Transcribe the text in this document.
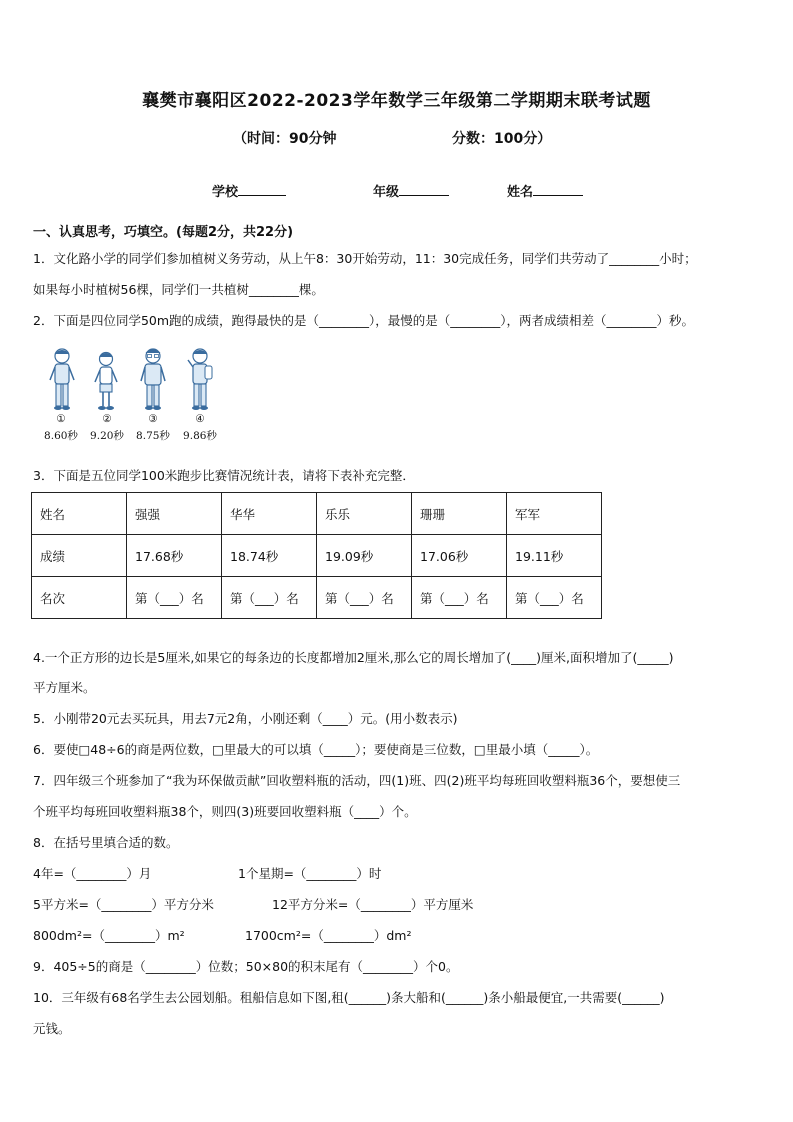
襄樊市襄阳区2022-2023学年数学三年级第二学期期末联考试题
（时间：90分钟	分数：100分）
学校	年级	姓名
一、认真思考，巧填空。(每题2分，共22分)
1．文化路小学的同学们参加植树义务劳动，从上午8：30开始劳动，11：30完成任务，同学们共劳动了________小时；
如果每小时植树56棵，同学们一共植树________棵。
2．下面是四位同学50m跑的成绩，跑得最快的是（________），最慢的是（________），两者成绩相差（________）秒。
①	②	③	④
8.60秒	9.20秒	8.75秒	9.86秒
3．下面是五位同学100米跑步比赛情况统计表，请将下表补充完整．
姓名	强强	华华	乐乐	珊珊	军军
成绩	17.68秒	18.74秒	19.09秒	17.06秒	19.11秒
名次	第（___）名	第（___）名	第（___）名	第（___）名	第（___）名
4.一个正方形的边长是5厘米,如果它的每条边的长度都增加2厘米,那么它的周长增加了(____)厘米,面积增加了(_____)
平方厘米。
5．小刚带20元去买玩具，用去7元2角，小刚还剩（____）元。(用小数表示)
6．要使□48÷6的商是两位数，□里最大的可以填（_____）；要使商是三位数，□里最小填（_____）。
7．四年级三个班参加了“我为环保做贡献”回收塑料瓶的活动，四(1)班、四(2)班平均每班回收塑料瓶36个，要想使三
个班平均每班回收塑料瓶38个，则四(3)班要回收塑料瓶（____）个。
8．在括号里填合适的数。
4年=（________）月	1个星期=（________）时
5平方米=（________）平方分米	12平方分米=（________）平方厘米
800dm²=（________）m²	1700cm²=（________）dm²
9．405÷5的商是（________）位数；50×80的积末尾有（________）个0。
10．三年级有68名学生去公园划船。租船信息如下图,租(______)条大船和(______)条小船最便宜,一共需要(______)
元钱。
